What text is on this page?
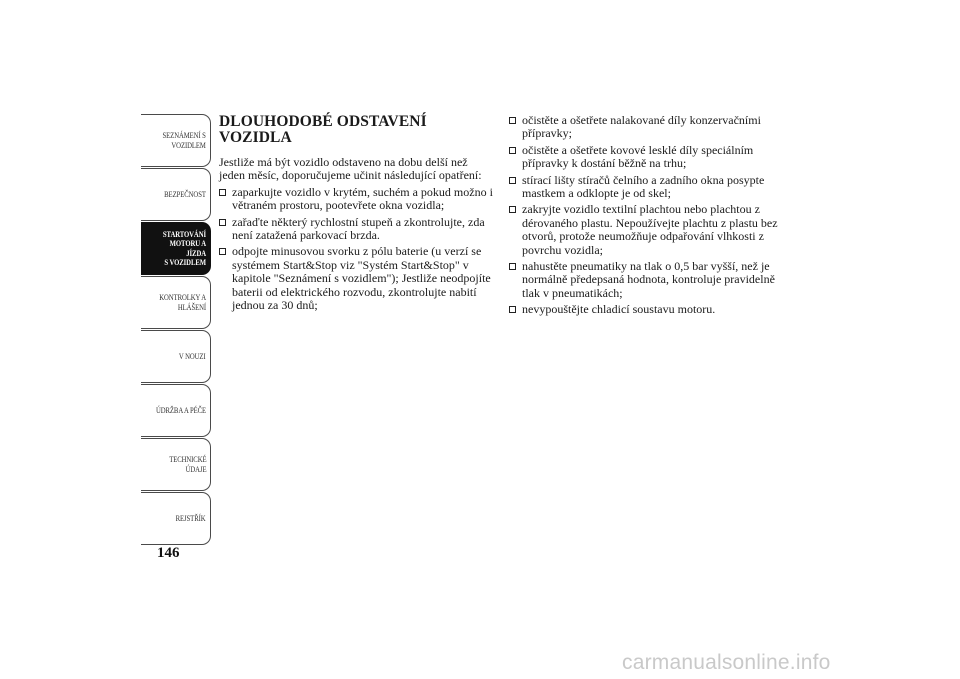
SEZNÁMENÍ S
VOZIDLEM
BEZPEČNOST
STARTOVÁNÍ
MOTORU A JÍZDA
S VOZIDLEM
KONTROLKY A
HLÁŠENÍ
V NOUZI
ÚDRŽBA A PÉČE
TECHNICKÉ
ÚDAJE
REJSTŘÍK
146
DLOUHODOBÉ ODSTAVENÍ VOZIDLA

Jestliže má být vozidlo odstaveno na dobu delší než jeden měsíc, doporučujeme učinit následující opatření:

zaparkujte vozidlo v krytém, suchém a pokud možno i větraném prostoru, pootevřete okna vozidla;
zařaďte některý rychlostní stupeň a zkontrolujte, zda není zatažená parkovací brzda.
odpojte minusovou svorku z pólu baterie (u verzí se systémem Start&Stop viz "Systém Start&Stop" v kapitole "Seznámení s vozidlem"); Jestliže neodpojíte baterii od elektrického rozvodu, zkontrolujte nabití jednou za 30 dnů;
očistěte a ošetřete nalakované díly konzervačními přípravky;
očistěte a ošetřete kovové lesklé díly speciálním přípravky k dostání běžně na trhu;
stírací lišty stíračů čelního a zadního okna posypte mastkem a odklopte je od skel;
zakryjte vozidlo textilní plachtou nebo plachtou z dérovaného plastu. Nepoužívejte plachtu z plastu bez otvorů, protože neumožňuje odpařování vlhkosti z povrchu vozidla;
nahustěte pneumatiky na tlak o 0,5 bar vyšší, než je normálně předepsaná hodnota, kontroluje pravidelně tlak v pneumatikách;
nevypouštějte chladicí soustavu motoru.
carmanualsonline.info
